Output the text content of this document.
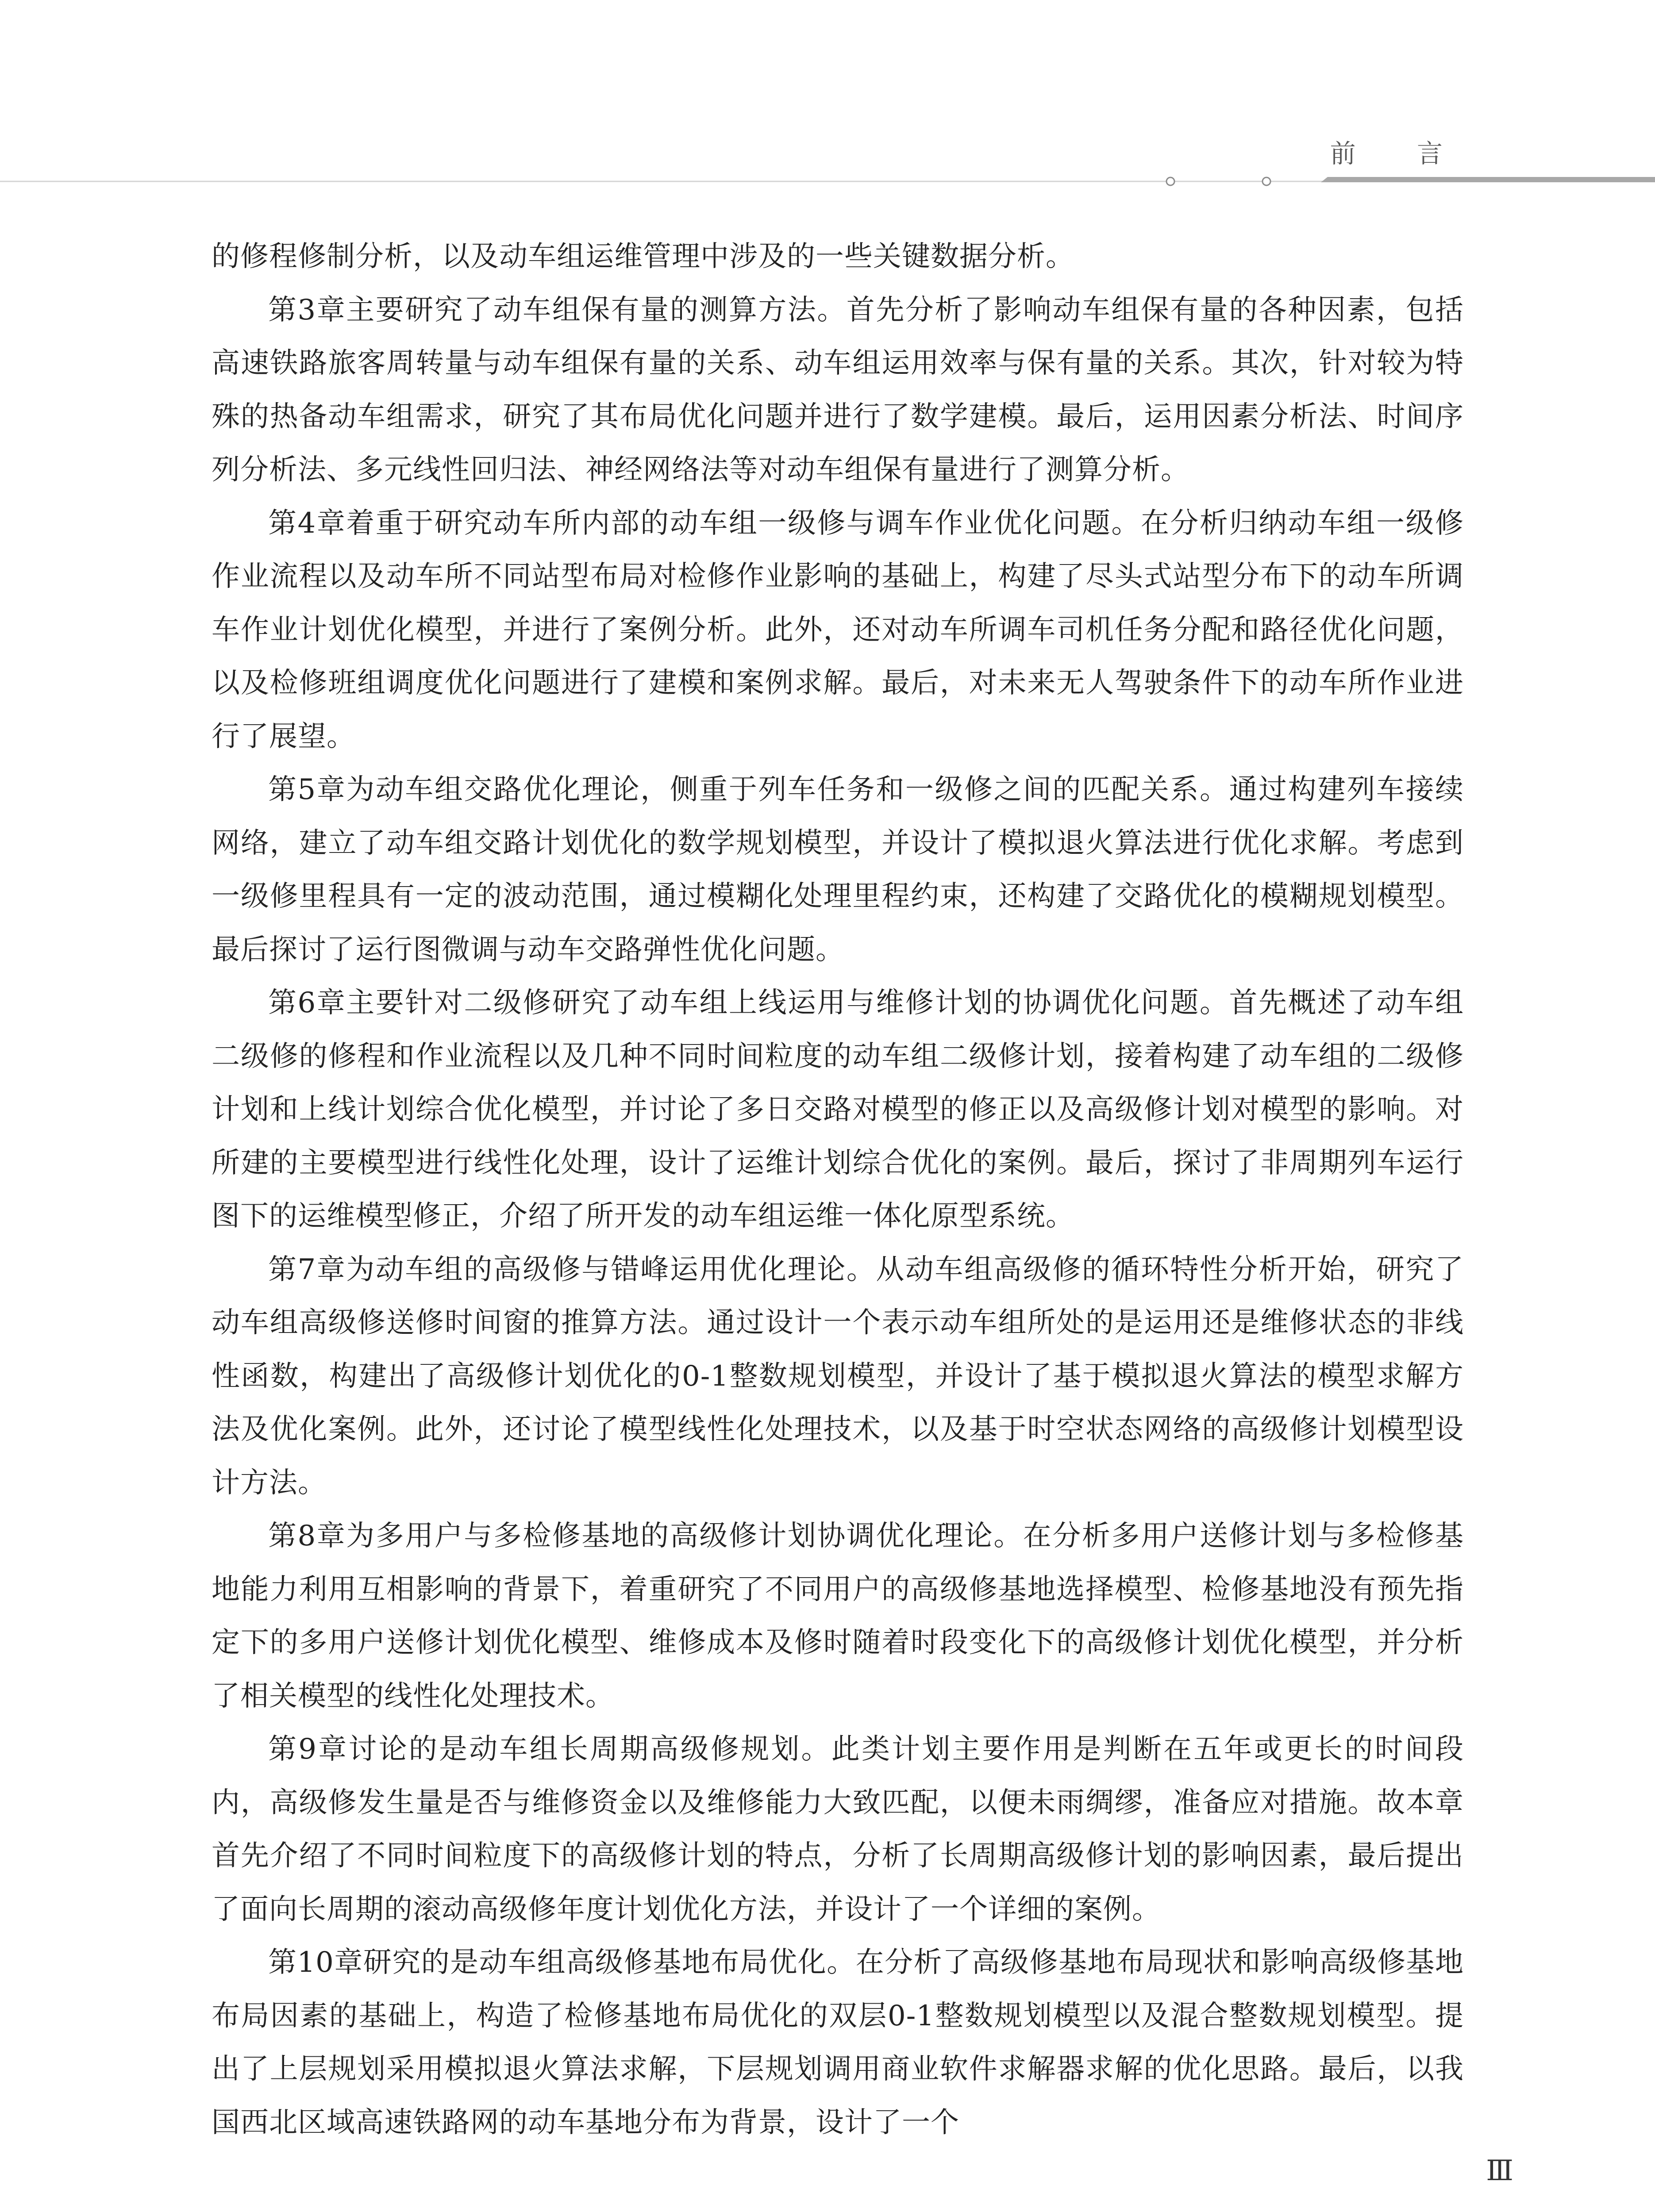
前 言

的修程修制分析，以及动车组运维管理中涉及的一些关键数据分析。

第3章主要研究了动车组保有量的测算方法。首先分析了影响动车组保有量的各种因素，包括高速铁路旅客周转量与动车组保有量的关系、动车组运用效率与保有量的关系。其次，针对较为特殊的热备动车组需求，研究了其布局优化问题并进行了数学建模。最后，运用因素分析法、时间序列分析法、多元线性回归法、神经网络法等对动车组保有量进行了测算分析。

第4章着重于研究动车所内部的动车组一级修与调车作业优化问题。在分析归纳动车组一级修作业流程以及动车所不同站型布局对检修作业影响的基础上，构建了尽头式站型分布下的动车所调车作业计划优化模型，并进行了案例分析。此外，还对动车所调车司机任务分配和路径优化问题，以及检修班组调度优化问题进行了建模和案例求解。最后，对未来无人驾驶条件下的动车所作业进行了展望。

第5章为动车组交路优化理论，侧重于列车任务和一级修之间的匹配关系。通过构建列车接续网络，建立了动车组交路计划优化的数学规划模型，并设计了模拟退火算法进行优化求解。考虑到一级修里程具有一定的波动范围，通过模糊化处理里程约束，还构建了交路优化的模糊规划模型。最后探讨了运行图微调与动车交路弹性优化问题。

第6章主要针对二级修研究了动车组上线运用与维修计划的协调优化问题。首先概述了动车组二级修的修程和作业流程以及几种不同时间粒度的动车组二级修计划，接着构建了动车组的二级修计划和上线计划综合优化模型，并讨论了多日交路对模型的修正以及高级修计划对模型的影响。对所建的主要模型进行线性化处理，设计了运维计划综合优化的案例。最后，探讨了非周期列车运行图下的运维模型修正，介绍了所开发的动车组运维一体化原型系统。

第7章为动车组的高级修与错峰运用优化理论。从动车组高级修的循环特性分析开始，研究了动车组高级修送修时间窗的推算方法。通过设计一个表示动车组所处的是运用还是维修状态的非线性函数，构建出了高级修计划优化的0-1整数规划模型，并设计了基于模拟退火算法的模型求解方法及优化案例。此外，还讨论了模型线性化处理技术，以及基于时空状态网络的高级修计划模型设计方法。

第8章为多用户与多检修基地的高级修计划协调优化理论。在分析多用户送修计划与多检修基地能力利用互相影响的背景下，着重研究了不同用户的高级修基地选择模型、检修基地没有预先指定下的多用户送修计划优化模型、维修成本及修时随着时段变化下的高级修计划优化模型，并分析了相关模型的线性化处理技术。

第9章讨论的是动车组长周期高级修规划。此类计划主要作用是判断在五年或更长的时间段内，高级修发生量是否与维修资金以及维修能力大致匹配，以便未雨绸缪，准备应对措施。故本章首先介绍了不同时间粒度下的高级修计划的特点，分析了长周期高级修计划的影响因素，最后提出了面向长周期的滚动高级修年度计划优化方法，并设计了一个详细的案例。

第10章研究的是动车组高级修基地布局优化。在分析了高级修基地布局现状和影响高级修基地布局因素的基础上，构造了检修基地布局优化的双层0-1整数规划模型以及混合整数规划模型。提出了上层规划采用模拟退火算法求解，下层规划调用商业软件求解器求解的优化思路。最后，以我国西北区域高速铁路网的动车基地分布为背景，设计了一个

Ⅲ
